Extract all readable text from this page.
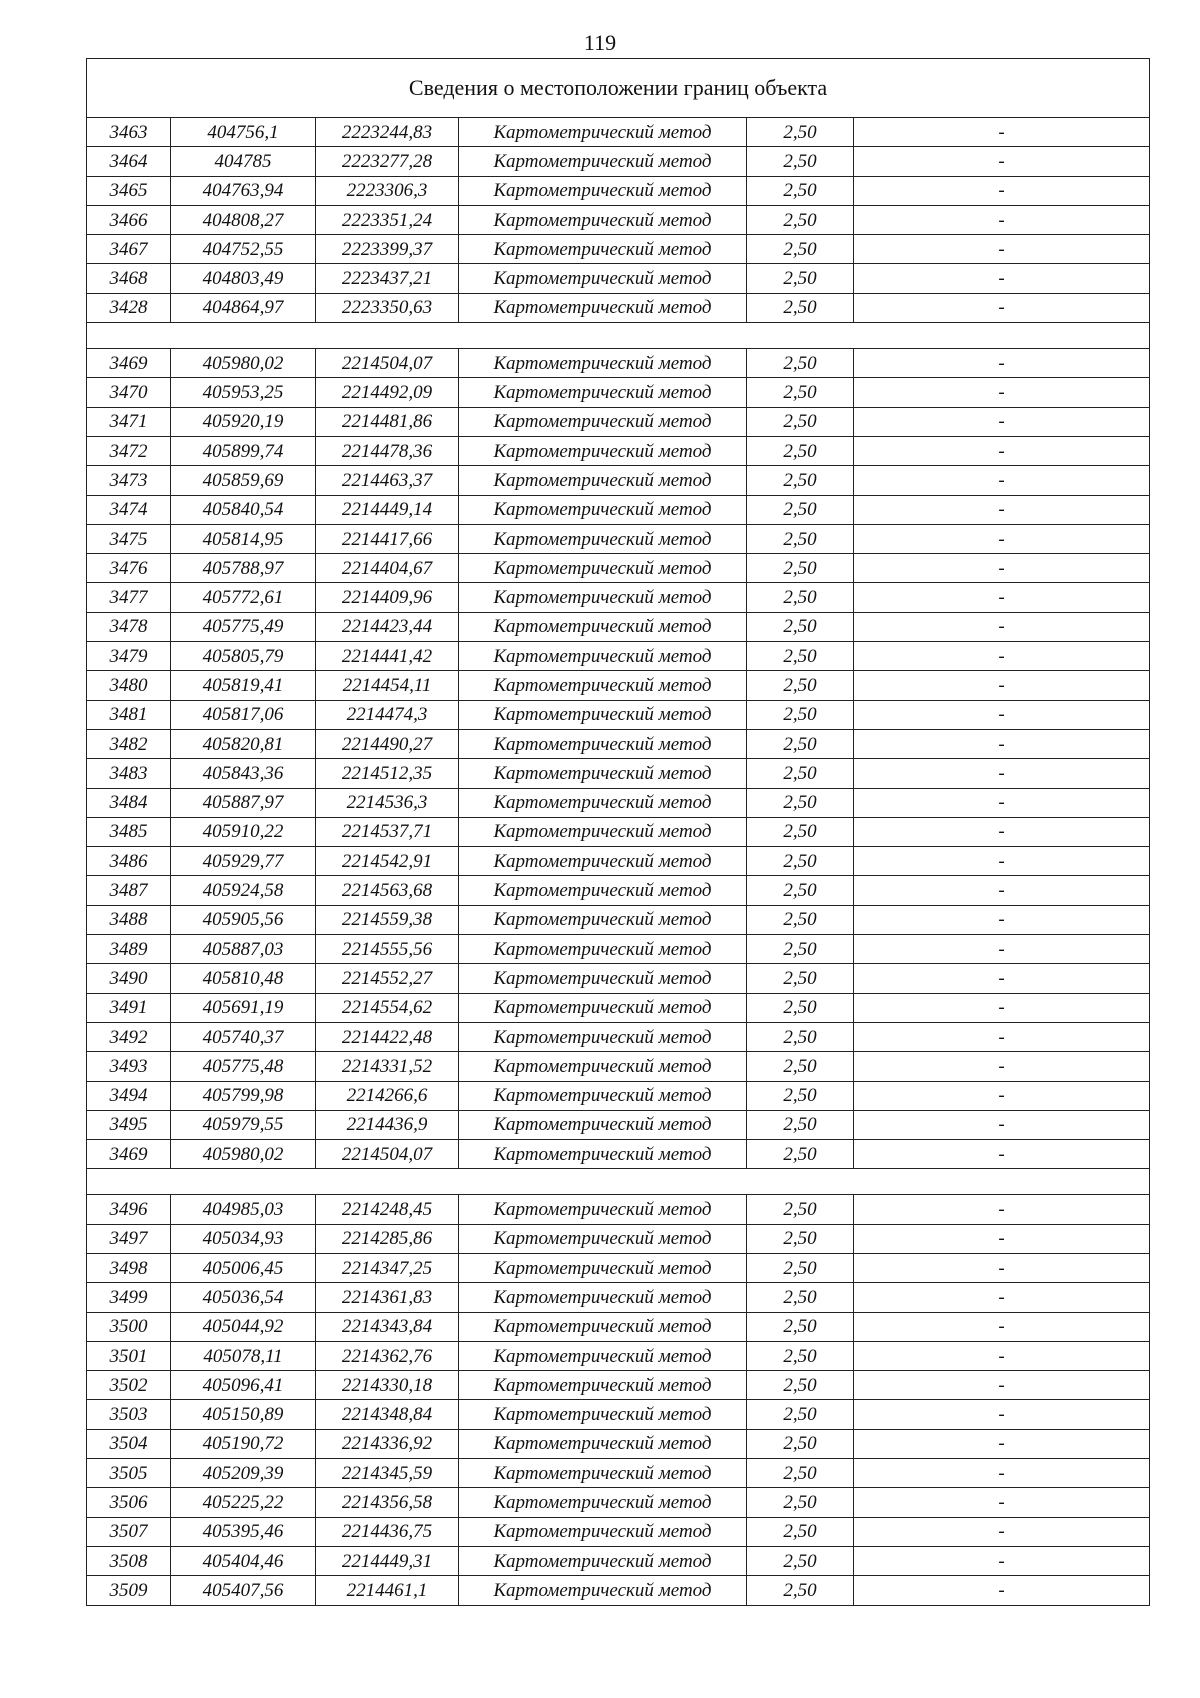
119
Сведения о местоположении границ объекта					
3463	404756,1	2223244,83	Картометрический метод	2,50	-
3464	404785	2223277,28	Картометрический метод	2,50	-
3465	404763,94	2223306,3	Картометрический метод	2,50	-
3466	404808,27	2223351,24	Картометрический метод	2,50	-
3467	404752,55	2223399,37	Картометрический метод	2,50	-
3468	404803,49	2223437,21	Картометрический метод	2,50	-
3428	404864,97	2223350,63	Картометрический метод	2,50	-

3469	405980,02	2214504,07	Картометрический метод	2,50	-
3470	405953,25	2214492,09	Картометрический метод	2,50	-
3471	405920,19	2214481,86	Картометрический метод	2,50	-
3472	405899,74	2214478,36	Картометрический метод	2,50	-
3473	405859,69	2214463,37	Картометрический метод	2,50	-
3474	405840,54	2214449,14	Картометрический метод	2,50	-
3475	405814,95	2214417,66	Картометрический метод	2,50	-
3476	405788,97	2214404,67	Картометрический метод	2,50	-
3477	405772,61	2214409,96	Картометрический метод	2,50	-
3478	405775,49	2214423,44	Картометрический метод	2,50	-
3479	405805,79	2214441,42	Картометрический метод	2,50	-
3480	405819,41	2214454,11	Картометрический метод	2,50	-
3481	405817,06	2214474,3	Картометрический метод	2,50	-
3482	405820,81	2214490,27	Картометрический метод	2,50	-
3483	405843,36	2214512,35	Картометрический метод	2,50	-
3484	405887,97	2214536,3	Картометрический метод	2,50	-
3485	405910,22	2214537,71	Картометрический метод	2,50	-
3486	405929,77	2214542,91	Картометрический метод	2,50	-
3487	405924,58	2214563,68	Картометрический метод	2,50	-
3488	405905,56	2214559,38	Картометрический метод	2,50	-
3489	405887,03	2214555,56	Картометрический метод	2,50	-
3490	405810,48	2214552,27	Картометрический метод	2,50	-
3491	405691,19	2214554,62	Картометрический метод	2,50	-
3492	405740,37	2214422,48	Картометрический метод	2,50	-
3493	405775,48	2214331,52	Картометрический метод	2,50	-
3494	405799,98	2214266,6	Картометрический метод	2,50	-
3495	405979,55	2214436,9	Картометрический метод	2,50	-
3469	405980,02	2214504,07	Картометрический метод	2,50	-

3496	404985,03	2214248,45	Картометрический метод	2,50	-
3497	405034,93	2214285,86	Картометрический метод	2,50	-
3498	405006,45	2214347,25	Картометрический метод	2,50	-
3499	405036,54	2214361,83	Картометрический метод	2,50	-
3500	405044,92	2214343,84	Картометрический метод	2,50	-
3501	405078,11	2214362,76	Картометрический метод	2,50	-
3502	405096,41	2214330,18	Картометрический метод	2,50	-
3503	405150,89	2214348,84	Картометрический метод	2,50	-
3504	405190,72	2214336,92	Картометрический метод	2,50	-
3505	405209,39	2214345,59	Картометрический метод	2,50	-
3506	405225,22	2214356,58	Картометрический метод	2,50	-
3507	405395,46	2214436,75	Картометрический метод	2,50	-
3508	405404,46	2214449,31	Картометрический метод	2,50	-
3509	405407,56	2214461,1	Картометрический метод	2,50	-
